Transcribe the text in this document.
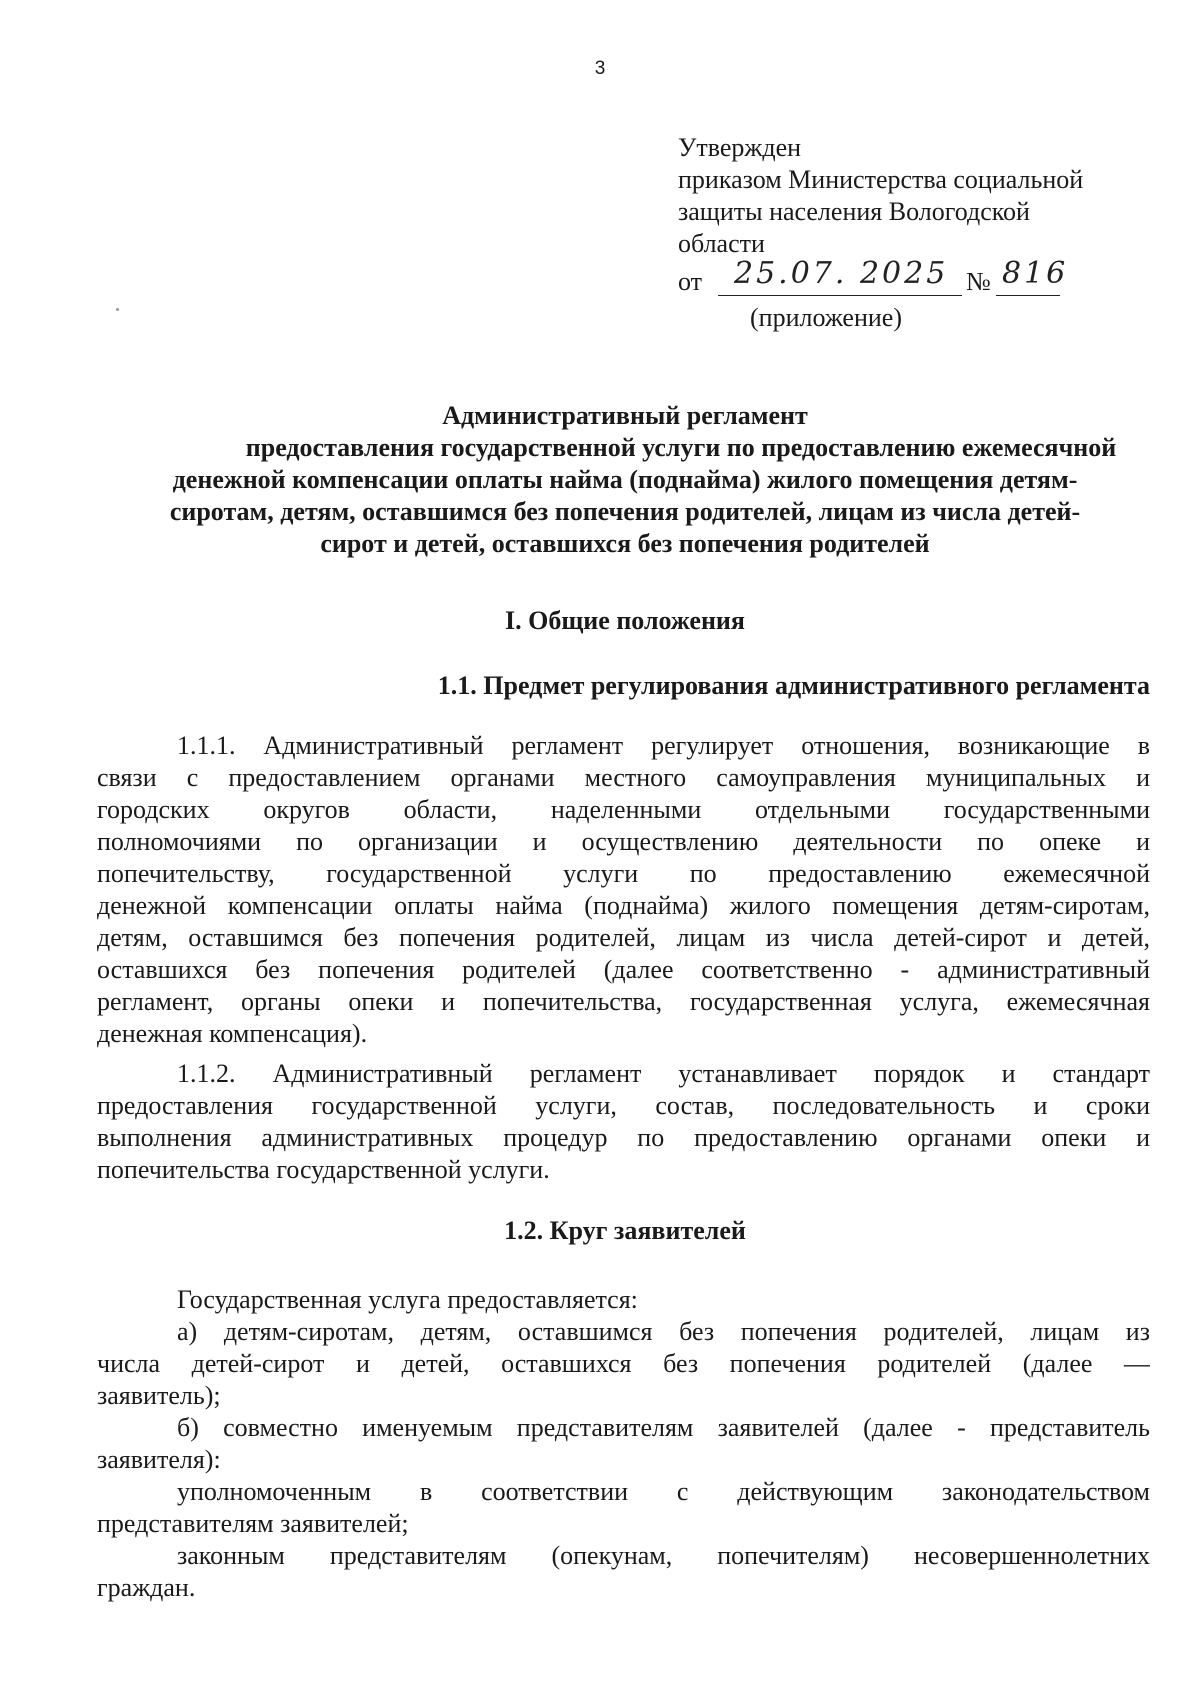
3
Утвержден
приказом Министерства социальной
защиты населения Вологодской
области
от 25.07. 2025 № 816
(приложение)
Административный регламент
предоставления государственной услуги по предоставлению ежемесячной
денежной компенсации оплаты найма (поднайма) жилого помещения детям-
сиротам, детям, оставшимся без попечения родителей, лицам из числа детей-
сирот и детей, оставшихся без попечения родителей
I. Общие положения
1.1. Предмет регулирования административного регламента
1.1.1. Административный регламент регулирует отношения, возникающие в
связи с предоставлением органами местного самоуправления муниципальных и
городских округов области, наделенными отдельными государственными
полномочиями по организации и осуществлению деятельности по опеке и
попечительству, государственной услуги по предоставлению ежемесячной
денежной компенсации оплаты найма (поднайма) жилого помещения детям-сиротам,
детям, оставшимся без попечения родителей, лицам из числа детей-сирот и детей,
оставшихся без попечения родителей (далее соответственно - административный
регламент, органы опеки и попечительства, государственная услуга, ежемесячная
денежная компенсация).
1.1.2. Административный регламент устанавливает порядок и стандарт
предоставления государственной услуги, состав, последовательность и сроки
выполнения административных процедур по предоставлению органами опеки и
попечительства государственной услуги.
1.2. Круг заявителей
Государственная услуга предоставляется:
а) детям-сиротам, детям, оставшимся без попечения родителей, лицам из
числа детей-сирот и детей, оставшихся без попечения родителей (далее —
заявитель);
б) совместно именуемым представителям заявителей (далее - представитель
заявителя):
уполномоченным в соответствии с действующим законодательством
представителям заявителей;
законным представителям (опекунам, попечителям) несовершеннолетних
граждан.
